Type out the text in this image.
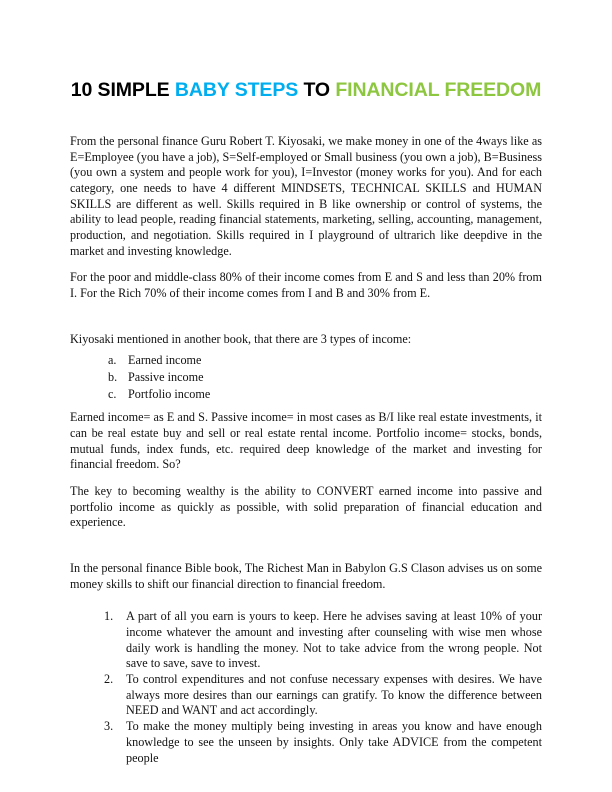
10 SIMPLE BABY STEPS TO FINANCIAL FREEDOM

From the personal finance Guru Robert T. Kiyosaki, we make money in one of the 4ways like as E=Employee (you have a job), S=Self-employed or Small business (you own a job), B=Business (you own a system and people work for you), I=Investor (money works for you). And for each category, one needs to have 4 different MINDSETS, TECHNICAL SKILLS and HUMAN SKILLS are different as well. Skills required in B like ownership or control of systems, the ability to lead people, reading financial statements, marketing, selling, accounting, management, production, and negotiation. Skills required in I playground of ultrarich like deepdive in the market and investing knowledge.

For the poor and middle-class 80% of their income comes from E and S and less than 20% from I. For the Rich 70% of their income comes from I and B and 30% from E.

Kiyosaki mentioned in another book, that there are 3 types of income:

Earned income
Passive income
Portfolio income

Earned income= as E and S. Passive income= in most cases as B/I like real estate investments, it can be real estate buy and sell or real estate rental income. Portfolio income= stocks, bonds, mutual funds, index funds, etc. required deep knowledge of the market and investing for financial freedom. So?

The key to becoming wealthy is the ability to CONVERT earned income into passive and portfolio income as quickly as possible, with solid preparation of financial education and experience.

In the personal finance Bible book, The Richest Man in Babylon G.S Clason advises us on some money skills to shift our financial direction to financial freedom.

A part of all you earn is yours to keep. Here he advises saving at least 10% of your income whatever the amount and investing after counseling with wise men whose daily work is handling the money. Not to take advice from the wrong people. Not save to save, save to invest.
To control expenditures and not confuse necessary expenses with desires. We have always more desires than our earnings can gratify. To know the difference between NEED and WANT and act accordingly.
To make the money multiply being investing in areas you know and have enough knowledge to see the unseen by insights. Only take ADVICE from the competent people
